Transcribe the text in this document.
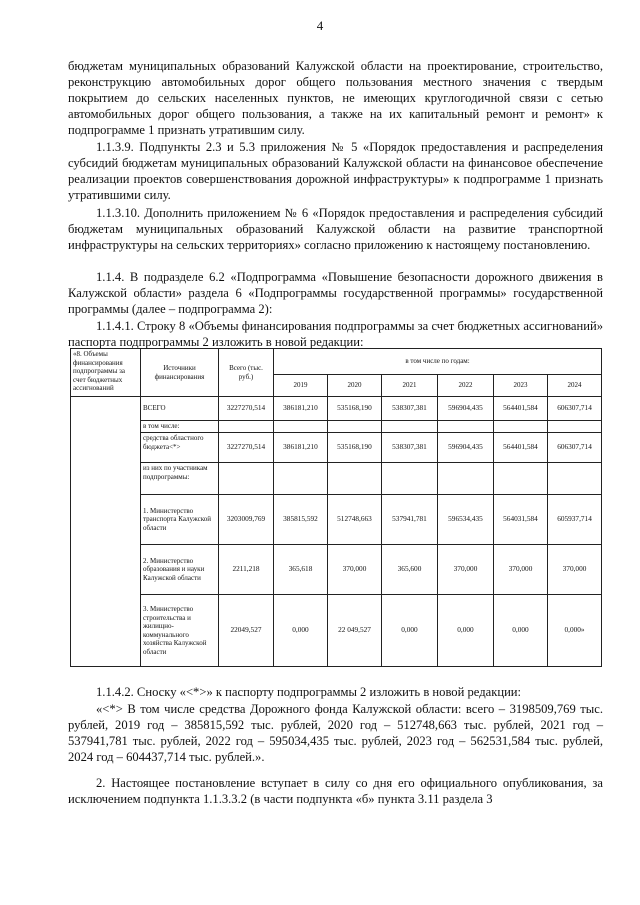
4

бюджетам муниципальных образований Калужской области на проектирование, строительство, реконструкцию автомобильных дорог общего пользования местного значения с твердым покрытием до сельских населенных пунктов, не имеющих круглогодичной связи с сетью автомобильных дорог общего пользования, а также на их капитальный ремонт и ремонт» к подпрограмме 1 признать утратившим силу.

1.1.3.9. Подпункты 2.3 и 5.3 приложения № 5 «Порядок предоставления и распределения субсидий бюджетам муниципальных образований Калужской области на финансовое обеспечение реализации проектов совершенствования дорожной инфраструктуры» к подпрограмме 1 признать утратившими силу.

1.1.3.10. Дополнить приложением № 6 «Порядок предоставления и распределения субсидий бюджетам муниципальных образований Калужской области на развитие транспортной инфраструктуры на сельских территориях» согласно приложению к настоящему постановлению.

1.1.4. В подразделе 6.2 «Подпрограмма «Повышение безопасности дорожного движения в Калужской области» раздела 6 «Подпрограммы государственной программы» государственной программы (далее – подпрограмма 2):

1.1.4.1. Строку 8 «Объемы финансирования подпрограммы за счет бюджетных ассигнований» паспорта подпрограммы 2 изложить в новой редакции:

«8. Объемы финансирования подпрограммы за счет бюджетных ассигнований	Источники финансирования	Всего (тыс. руб.)	в том числе по годам:					
			2019	2020	2021	2022	2023	2024
	ВСЕГО	3227270,514	386181,210	535168,190	538307,381	596904,435	564401,584	606307,714
	в том числе:							
	средства областного бюджета<*>	3227270,514	386181,210	535168,190	538307,381	596904,435	564401,584	606307,714
	из них по участникам подпрограммы:							
	1. Министерство транспорта Калужской области	3203009,769	385815,592	512748,663	537941,781	596534,435	564031,584	605937,714
	2. Министерство образования и науки Калужской области	2211,218	365,618	370,000	365,600	370,000	370,000	370,000
	3. Министерство строительства и жилищно-коммунального хозяйства Калужской области	22049,527	0,000	22 049,527	0,000	0,000	0,000	0,000»

1.1.4.2. Сноску «<*>» к паспорту подпрограммы 2 изложить в новой редакции:

«<*> В том числе средства Дорожного фонда Калужской области: всего – 3198509,769 тыс. рублей, 2019 год – 385815,592 тыс. рублей, 2020 год – 512748,663 тыс. рублей, 2021 год – 537941,781 тыс. рублей, 2022 год – 595034,435 тыс. рублей, 2023 год – 562531,584 тыс. рублей, 2024 год – 604437,714 тыс. рублей.».

2. Настоящее постановление вступает в силу со дня его официального опубликования, за исключением подпункта 1.1.3.3.2 (в части подпункта «б» пункта 3.11 раздела 3
